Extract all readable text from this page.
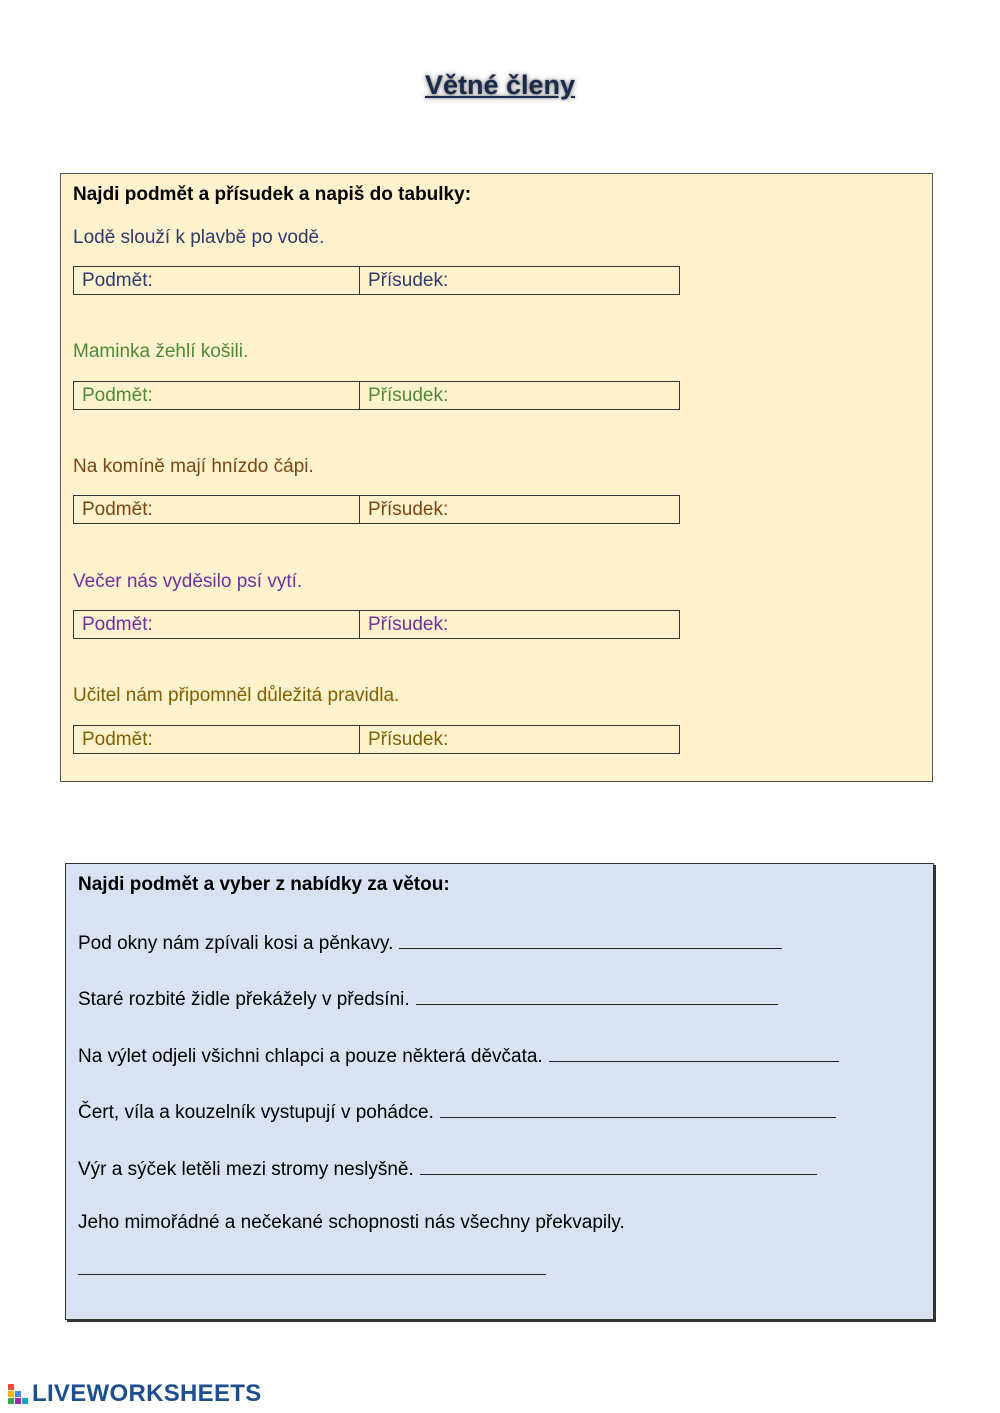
Větné členy
Najdi podmět a přísudek a napiš do tabulky:
Lodě slouží k plavbě po vodě.
Podmět:	Přísudek:
Maminka žehlí košili.
Podmět:	Přísudek:
Na komíně mají hnízdo čápi.
Podmět:	Přísudek:
Večer nás vyděsilo psí vytí.
Podmět:	Přísudek:
Učitel nám připomněl důležitá pravidla.
Podmět:	Přísudek:
Najdi podmět a vyber z nabídky za větou:
Pod okny nám zpívali kosi a pěnkavy.
Staré rozbité židle překážely v předsíni.
Na výlet odjeli všichni chlapci a pouze některá děvčata.
Čert, víla a kouzelník vystupují v pohádce.
Výr a sýček letěli mezi stromy neslyšně.
Jeho mimořádné a nečekané schopnosti nás všechny překvapily.
LIVEWORKSHEETS
